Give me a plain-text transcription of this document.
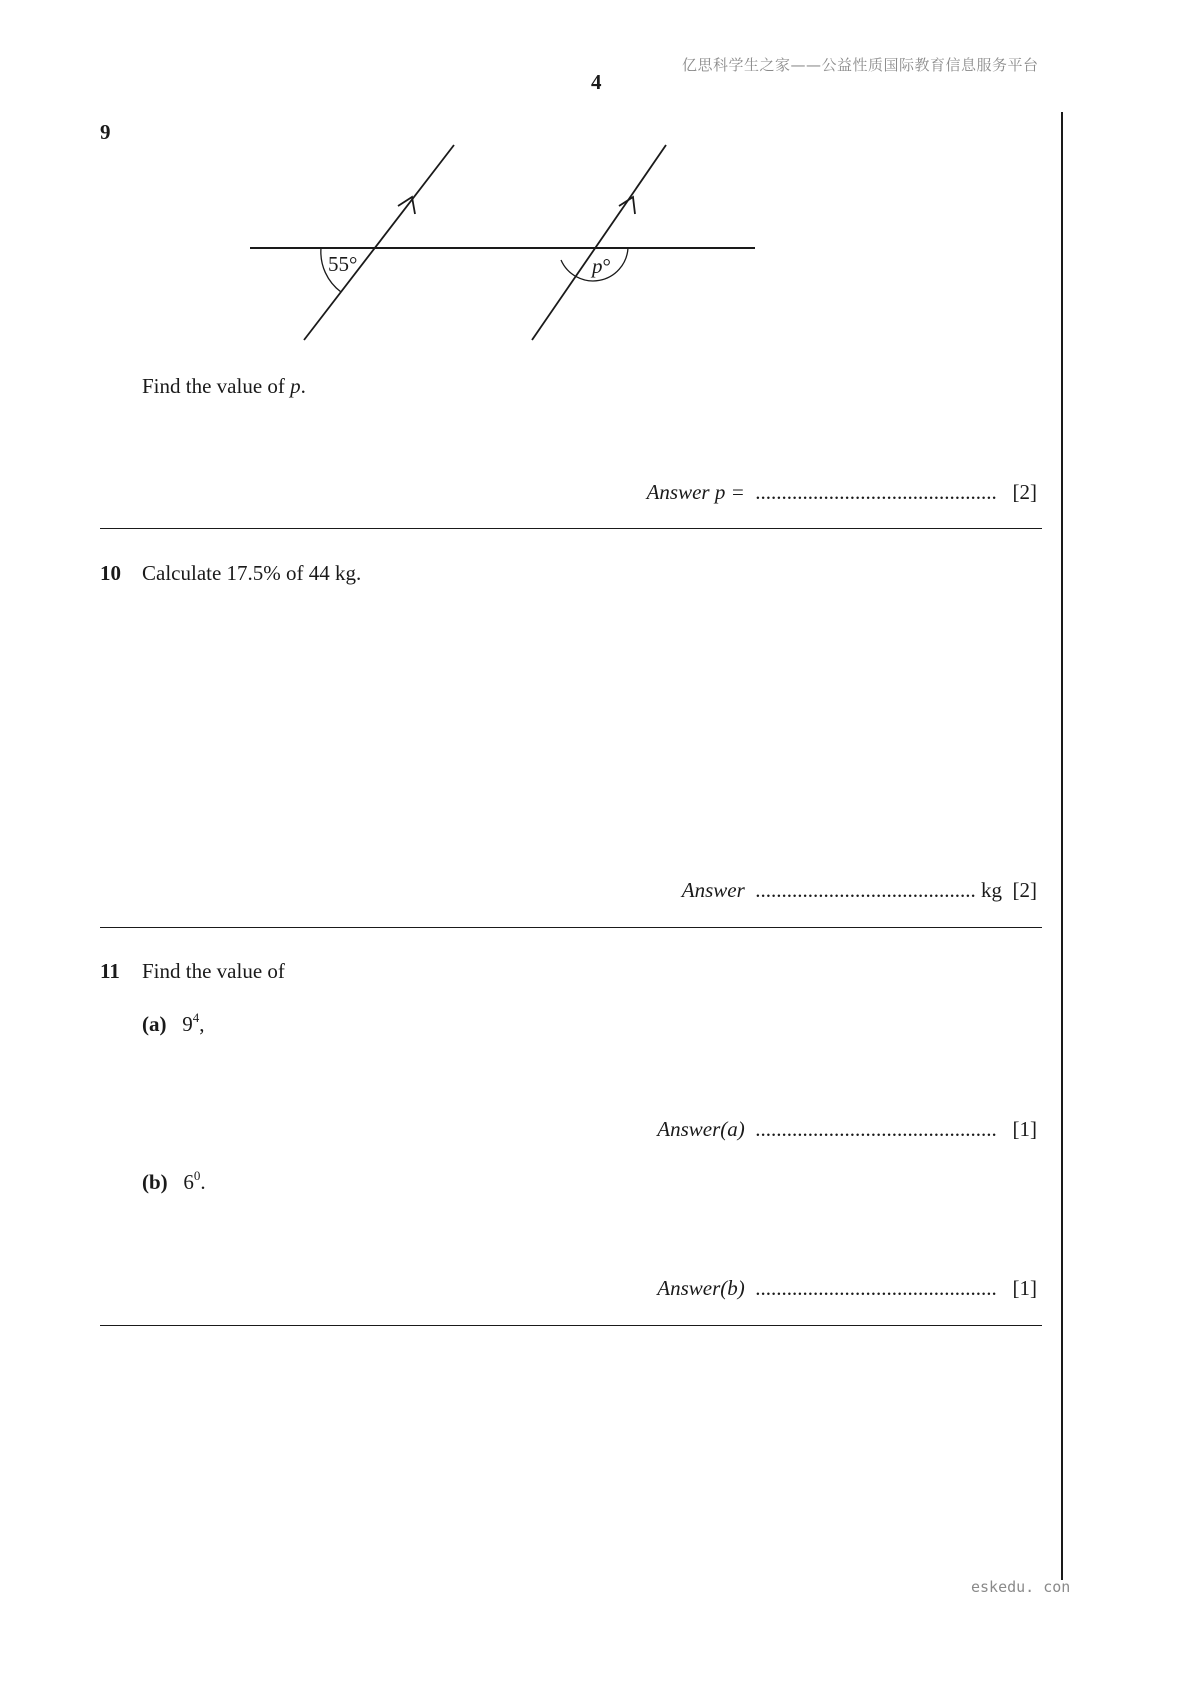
亿思科学生之家——公益性质国际教育信息服务平台
4
9
55°	p°
Find the value of p.
Answer p = .............................................. [2]
10 Calculate 17.5% of 44 kg.
Answer .......................................... kg [2]
11 Find the value of
(a) $9^4$,
Answer(a) .............................................. [1]
(b) $6^0$.
Answer(b) .............................................. [1]
eskedu. con
